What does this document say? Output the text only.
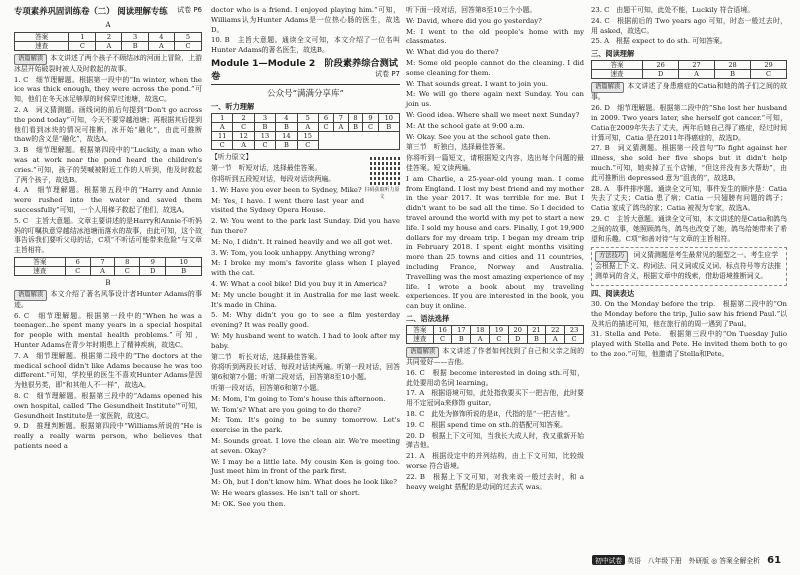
专项素养巩固训练卷（二） 阅读理解专练 试卷 P6
A
答案	1	2	3	4	5
速查	C	A	B	A	C
语篇解读 本文讲述了两个孩子不顾结冰的河面上冒险，上游冰层开始破裂时被人及时救起的故事。
1. C　细节理解题。根据第一段中的“In winter, when the ice was thick enough, they were across the pond.”可知，他们在冬天冰足够厚的时候穿过池塘，故选C。
2. A　词义猜测题。画线词的前后句提到“Don't go across the pond today”可知，今天不要穿越池塘；再根据其后提到他们看到冰块的情况可推断，冰开始“融化”，由此可推断thaw的含义是“融化”，故选A。
3. B　细节理解题。根据第四段中的“Luckily, a man who was at work near the pond heard the children's cries.”可知，孩子的哭喊被附近工作的人听到，他及时救起了两个孩子，故选B。
4. A　细节理解题。根据第五段中的“Harry and Annie were rushed into the water and saved them successfully”可知，一个人用梯子救起了他们，故选A。
5. C　主旨大意题。文章主要讲述的是Harry和Annie不听妈妈的叮嘱执意穿越结冰池塘而落水的故事，由此可知，这个故事告诉我们要听父母的话，C项“不听话可能带来危险”与文章主旨相符。
答案	6	7	8	9	10
速查	C	A	C	D	B
B
语篇解读 本文介绍了著名风筝设计者Hunter Adams的事迹。
6. C　细节理解题。根据第一段中的“When he was a teenager...he spent many years in a special hospital for people with mental health problems.”可知，Hunter Adams在青少年时期患上了精神疾病，故选C。
7. A　细节理解题。根据第二段中的“The doctors at the medical school didn't like Adams because he was too different.”可知，学校里的医生不喜欢Hunter Adams是因为他很另类，即“和其他人不一样”，故选A。
8. C　细节理解题。根据第三段中的“Adams opened his own hospital, called 'The Gesundheit Institute'”可知，Gesundheit Institute是一家医院，故选C。
9. D　推理判断题。根据第四段中“Williams所说的“He is really a really warm person, who believes that patients need a
doctor who is a friend. I enjoyed playing him.”可知，Williams认为Hunter Adams是一位热心肠的医生，故选D。
10. B　主旨大意题。通读全文可知，本文介绍了一位名叫Hunter Adams的著名医生，故选B。
Module 1—Module 2　阶段素养综合测试卷	试卷 P7
公众号“满满分享库”
一、听力理解
1	2	3	4	5	6	7	8	9	10
A	C	B	B	A	C	A	B	C	B
11	12	13	14	15					
C	A	C	B	C					
扫码获取听力原文
【听力原文】
第一节　听短对话，选择最佳答案。
你将听到五段短对话，每段对话读两遍。
1. W: Have you ever been to Sydney, Mike?
M: Yes, I have. I went there last year and visited the Sydney Opera House.
2. W: You went to the park last Sunday. Did you have fun there?
M: No, I didn't. It rained heavily and we all got wet.
3. W: Tom, you look unhappy. Anything wrong?
M: I broke my mom's favorite glass when I played with the cat.
4. W: What a cool bike! Did you buy it in America?
M: My uncle bought it in Australia for me last week. It's made in China.
5. M: Why didn't you go to see a film yesterday evening? It was really good.
W: My husband went to watch. I had to look after my baby.
第二节　听长对话，选择最佳答案。
你将听到两段长对话，每段对话读两遍。听第一段对话，回答第6和第7小题；听第二段对话，回答第8至10小题。
听第一段对话，回答第6和第7小题。
M: Mom, I'm going to Tom's house this afternoon.
W: Tom's? What are you going to do there?
M: Tom. It's going to be sunny tomorrow. Let's exercise in the park.
M: Sounds great. I love the clean air. We're meeting at seven. Okay?
W: I may be a little late. My cousin Ken is going too. Just meet him in front of the park first.
M: Oh, but I don't know him. What does he look like?
W: He wears glasses. He isn't tall or short.
M: OK. See you then.
听下面一段对话，回答第8至10三个小题。
W: David, where did you go yesterday?
M: I went to the old people's home with my classmates.
W: What did you do there?
M: Some old people cannot do the cleaning. I did some cleaning for them.
W: That sounds great. I want to join you.
M: We will go there again next Sunday. You can join us.
W: Good idea. Where shall we meet next Sunday?
M: At the school gate at 9:00 a.m.
W: Okay. See you at the school gate then.
第三节　听独白，选择最佳答案。
你将听到一篇短文，请根据短文内容，选出每个问题的最佳答案。短文读两遍。
I am Charlie, a 25-year-old young man. I come from England. I lost my best friend and my mother in the year 2017. It was terrible for me. But I didn't want to be sad all the time. So I decided to travel around the world with my pet to start a new life. I sold my house and cars. Finally, I got 19,900 dollars for my dream trip. I began my dream trip in February 2018. I spent eight months visiting more than 25 towns and cities and 11 countries, including France, Norway and Australia. Travelling was the most amazing experience of my life. I wrote a book about my traveling experiences. If you are interested in the book, you can buy it online.
二、语法选择
答案	16	17	18	19	20	21	22	23
速查	C	B	A	C	D	B	A	C
语篇解读 本文讲述了作者如何找到了自己和父亲之间的共同爱好——吉他。
16. C　根据 become interested in doing sth.可知，此处要用动名词 learning。
17. A　根据语境可知，此处指我要买下一把吉他，此时要用不定冠词a来修饰 guitar。
18. C　此处为修饰所说的是it，代指的是“一把吉他”。
19. C　根据 spend time on sth.的搭配可知答案。
20. D　根据上下文可知，当我长大成人时，我又重新开始弹吉他。
21. A　根据设定中的并列结构，由上下文可知，比较级 worse 符合语境。
22. B　根据上下文可知，对我来说一般过去时，和 a heavy weight 搭配的是动词的过去式 was。
23. C　由题干可知，此处不能，Luckily 符合语境。
24. C　根据前后的 Two years ago 可知，时态一般过去时，用 asked，故选C。
25. A　根据 expect to do sth. 可知答案。
三、阅读理解
答案	26	27	28	29
速查	D	A	B	C
语篇解读 本文讲述了身患癌症的Catia和她的鸽子们之间的故事。
26. D　细节理解题。根据第二段中的“She lost her husband in 2009. Two years later, she herself got cancer.”可知，Catia在2009年失去了丈夫，两年后她自己得了癌症，经过时间计算可知，Catia 是在2011年得癌症的，故选D。
27. B　词义猜测题。根据第一段首句“To fight against her illness, she sold her five shops but it didn't help much.”可知，她卖掉了五个店铺，“但这并没有多大帮助”，由此可推断出 depressed 意为“沮丧的”，故选B。
28. A　事件排序题。通读全文可知，事件发生的顺序是：Catia 失去了丈夫；Catia 患了病；Catia 一只翅膀有问题的鸽子；Catia 家成了鸽鸟的家；Catia 被视为专家，故选A。
29. C　主旨大意题。通读全文可知，本文讲述的是Catia和鸽鸟之间的故事，她照顾鸽鸟，鸽鸟也改变了她，鸽鸟给她带来了希望和乐趣。C项“和善对待”与文章的主旨相符。
方法技巧 词义猜测题是考生最常见的题型之一。考生应学会根据上下文、构词法、同义词或反义词、标点符号等方法推测单词的含义，根据文章中的线索，借助语境推断词义。
四、阅读表达
30. On the Monday before the trip.　根据第二段中的“On the Monday before the trip, Julio saw his friend Paul.”以及其后的描述可知，他在旅行前的周一遇到了Paul。
31. Stella and Pete.　根据第三段中的“On Tuesday Julio played with Stella and Pete. He invited them both to go to the zoo.”可知，他邀请了Stella和Pete。
初中试卷 英语　八年级下册　外研版 ◎ 答案全解全析 61
